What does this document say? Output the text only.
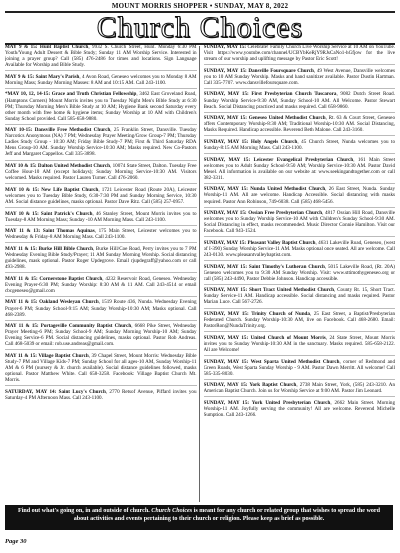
MOUNT MORRIS SHOPPER • SUNDAY, MAY 8, 2022
Church Choices
MAY 9 & 15: Hunt Baptist Church, 9932 S. Church Street, Hunt. Monday 6:30 PM Youth/Young Adult Dessert & Bible Study; Sunday 11 AM Worship Service. Interested in joining a prayer group? Call (585) 476-2486 for times and locations. Sign Language Available for Worship and Bible Study.
MAY 9 & 15: Saint Mary's Parish, 4 Avon Road, Geneseo welcomes you to Monday 8 AM Morning Mass; Sunday Morning Masses: 8 AM and 10:15 AM. Call 243-1100.
*MAY 10, 12, 14-15: Grace and Truth Christian Fellowship, 3462 East Groveland Road, (Hamptons Corners) Mount Morris invites you to Tuesday Night Men's Bible Study at 6:30 PM; Thursday Morning Men's Bible Study at 10 AM; Hygiene Bank second Saturday every other month with free home & hygiene items; Sunday Worship at 10 AM with Children's Sunday School provided. Call 585-658-9880.
MAY 10-15: Dansville Free Methodist Church, 25 Franklin Street, Dansville. Tuesday Narcotics Anonymous (NA) 7 PM; Wednesday Prayer Meeting/Grow Group-7 PM; Thursday Ladies Study Group - 10:30 AM; Friday Bible Study-7 PM; First & Third Saturday RDA Mens Group-10 AM. Sunday Worship Service-10:30 AM; Masks required. New Co-Pastors Jeff and Margaret Cappellos. Call 335-3898.
MAY 10 & 15: Dalton United Methodist Church, 10074 State Street, Dalton. Tuesday Free Coffee Hour-10 AM (except holidays); Sunday Morning Service-10:30 AM. Visitors welcomed. Masks required. Pastor Lauren Turner. Call 476-2060.
MAY 10 & 15: New Life Baptist Church, 1721 Leicester Road (Route 20A), Leicester welcomes you to Tuesday Bible Study, 6:30-7:30 PM and Sunday Morning Service, 10:30 AM. Social distance guidelines, masks optional. Pastor Dave Ritz. Call (585) 257-0957.
MAY 10 & 15: Saint Patrick's Church, 46 Stanley Street, Mount Morris invites you to Tuesday-8 AM Morning Mass; Sunday -10 AM Morning Mass. Call 243-1100.
MAY 11 & 13: Saint Thomas Aquinas, 175 Main Street, Leicester welcomes you to Wednesday & Friday-8 AM Morning Mass. Call 243-1100.
MAY 11 & 15: Burke Hill Bible Church, Burke Hill/Coe Road, Perry invites you to 7 PM Wednesday Evening Bible Study/Prayer; 11 AM Sunday Morning Worship. Social distancing guidelines, mask optional. Pastor Roger Updegrove. Email rjupdegraff@yahoo.com or call 493-2988.
MAY 11 & 15: Cornerstone Baptist Church, 4232 Reservoir Road, Geneseo. Wednesday Evening Prayer-6:30 PM; Sunday Worship: 8:30 AM & 11 AM. Call 243-4514 or email cbcgeneseo@gmail.com
MAY 11 & 15: Oakland Wesleyan Church, 1519 Route 436, Nunda. Wednesday Evening Prayer-6 PM; Sunday School-9:15 AM; Sunday Worship-10:30 AM; Masks optional. Call 468-2389.
MAY 11 & 15: Portageville Community Baptist Church, 6668 Pike Street, Wednesday Prayer Meeting-6 PM; Sunday School-9 AM; Sunday Morning Worship-10 AM; Sunday Evening Service-6 PM. Social distancing guidelines, masks optional. Pastor Rob Andreas. Call 468-5039 or email: rob.use.andreas@gmail.com.
MAY 11 & 15: Village Baptist Church, 39 Chapel Street, Mount Morris: Wednesday Bible Study-7 PM and Village Kids-7 PM; Sunday School for all ages-10 AM, Sunday Worship-11 AM & 6 PM (nursery & Jr. church available). Social distance guidelines followed, masks optional. Pastor Matthew White. Call 658-3258. Facebook: Village Baptist Church Mt. Morris.
SATURDAY, MAY 14: Saint Lucy's Church, 2770 Retsof Avenue, Piffard invites you Saturday-4 PM Afternoon Mass. Call 243-1100.
SUNDAY, MAY 15: Celebrate! Family Church Live Worship Service at 10 AM on YouTube. Visit https://www.youtube.com/channel/UCBYbKeRjY9RJsCaNo1-hGfjow for the live stream of our worship and uplifting message by Pastor Eric Scott!
SUNDAY, MAY 15: Dansville Foursquare Church, 49 West Avenue, Dansville welcomes you to 10 AM Sunday Worship. Masks and hand sanitizer available. Pastor Dustin Hartman. Call 335-7707. www.dansvillefoursquare.com.
SUNDAY, MAY 15: First Presbyterian Church Tuscarora, 9082 Dutch Street Road. Sunday Worship Service-9:30 AM, Sunday School-10 AM. All Welcome. Pastor Stewart Beach. Social Distancing practiced and masks required. Call 658-9860.
SUNDAY, MAY 15: Geneseo United Methodist Church, Rt. 63 & Court Street, Geneseo offers Contemporary Worship-8:30 AM; Traditional Worship-10:30 AM. Social Distancing, Masks Required. Handicap accessible. Reverend Beth Malone. Call 243-3160.
SUNDAY, MAY 15: Holy Angels Church, 45 Church Street, Nunda welcomes you to Sunday-8:15 AM Morning Mass. Call 243-1100.
SUNDAY, MAY 15: Leicester Evangelical Presbyterian Church, 161 Main Street welcomes you to Adult Sunday School-9:50 AM; Worship Service-10:30 AM. Pastor David Mesel. All information is available on our website at: www.seekingandtogether.com or call 382-3311.
SUNDAY, MAY 15: Nunda United Methodist Church, 26 East Street, Nunda. Sunday Worship-11 AM. All are welcome. Handicap Accessible. Social distancing with masks required. Pastor Ann Robinson, 749-6038. Call (585) 468-5456.
SUNDAY, MAY 15: Ossian Free Presbyterian Church, 4817 Ossian Hill Road, Dansville welcomes you to Sunday Worship Service-10 AM with Children's Sunday School-9:30 AM. Social Distancing in effect, masks recommended. Music Director Connie Hamilton. Visit our Facebook. Call 943-1524.
SUNDAY, MAY 15: Pleasant Valley Baptist Church, 4631 Lakeville Road, Geneseo, (west of I-390) Sunday Worship Service-11 AM. Masks optional once seated. All are welcome. Call 243-0130. www.pleasantvalleybaptist.com.
SUNDAY, MAY 15: Saint Timothy's Lutheran Church, 5015 Lakeville Road, (Rt. 20A) Geneseo welcomes you to 9:30 AM Sunday Worship. Visit: www.sttimothygeneseo.org or call (585) 243-4490, Pastor Debbie Johnson. Handicap accessible.
SUNDAY, MAY 15: Short Tract United Methodist Church, County Rt. 15, Short Tract. Sunday Service-11 AM. Handicap accessible. Social distancing and masks required. Pastor Marian Luce. Call 567-2726.
SUNDAY, MAY 15: Trinity Church of Nunda, 25 East Street, a Baptist/Presbyterian Federated Church. Sunday Worship-10:30 AM, live on Facebook. Call 468-2680. Email: PastorRon@NundaTrinity.org.
SUNDAY, MAY 15: United Church of Mount Morris, 24 State Street, Mount Morris invites you to Sunday Worship-10:30 AM in the sanctuary. Masks required. 585-658-2122. All are Welcome!
SUNDAY, MAY 15: West Sparta United Methodist Church, corner of Redmond and Green Roads, West Sparta Sunday Worship - 9 AM. Pastor Dawn Merritt. All welcome! Call 585-335-8030.
SUNDAY, MAY 15: York Baptist Church, 2738 Main Street, York, (585) 243-3210. An American Baptist Church. Join us for Worship Service at 9:00 AM. Pastor Jim Leonard.
SUNDAY, MAY 15: York United Presbyterian Church, 2662 Main Street. Morning Worship-11 AM. Joyfully serving the community! All are welcome. Reverend Michelle Sumption. Call 243-1266.
Find out what's going on, in and outside of church. Church Choices is meant for any church or related group that wishes to spread the word about activities and events pertaining to their church or religion. Please keep as brief as possible.
Page 30
